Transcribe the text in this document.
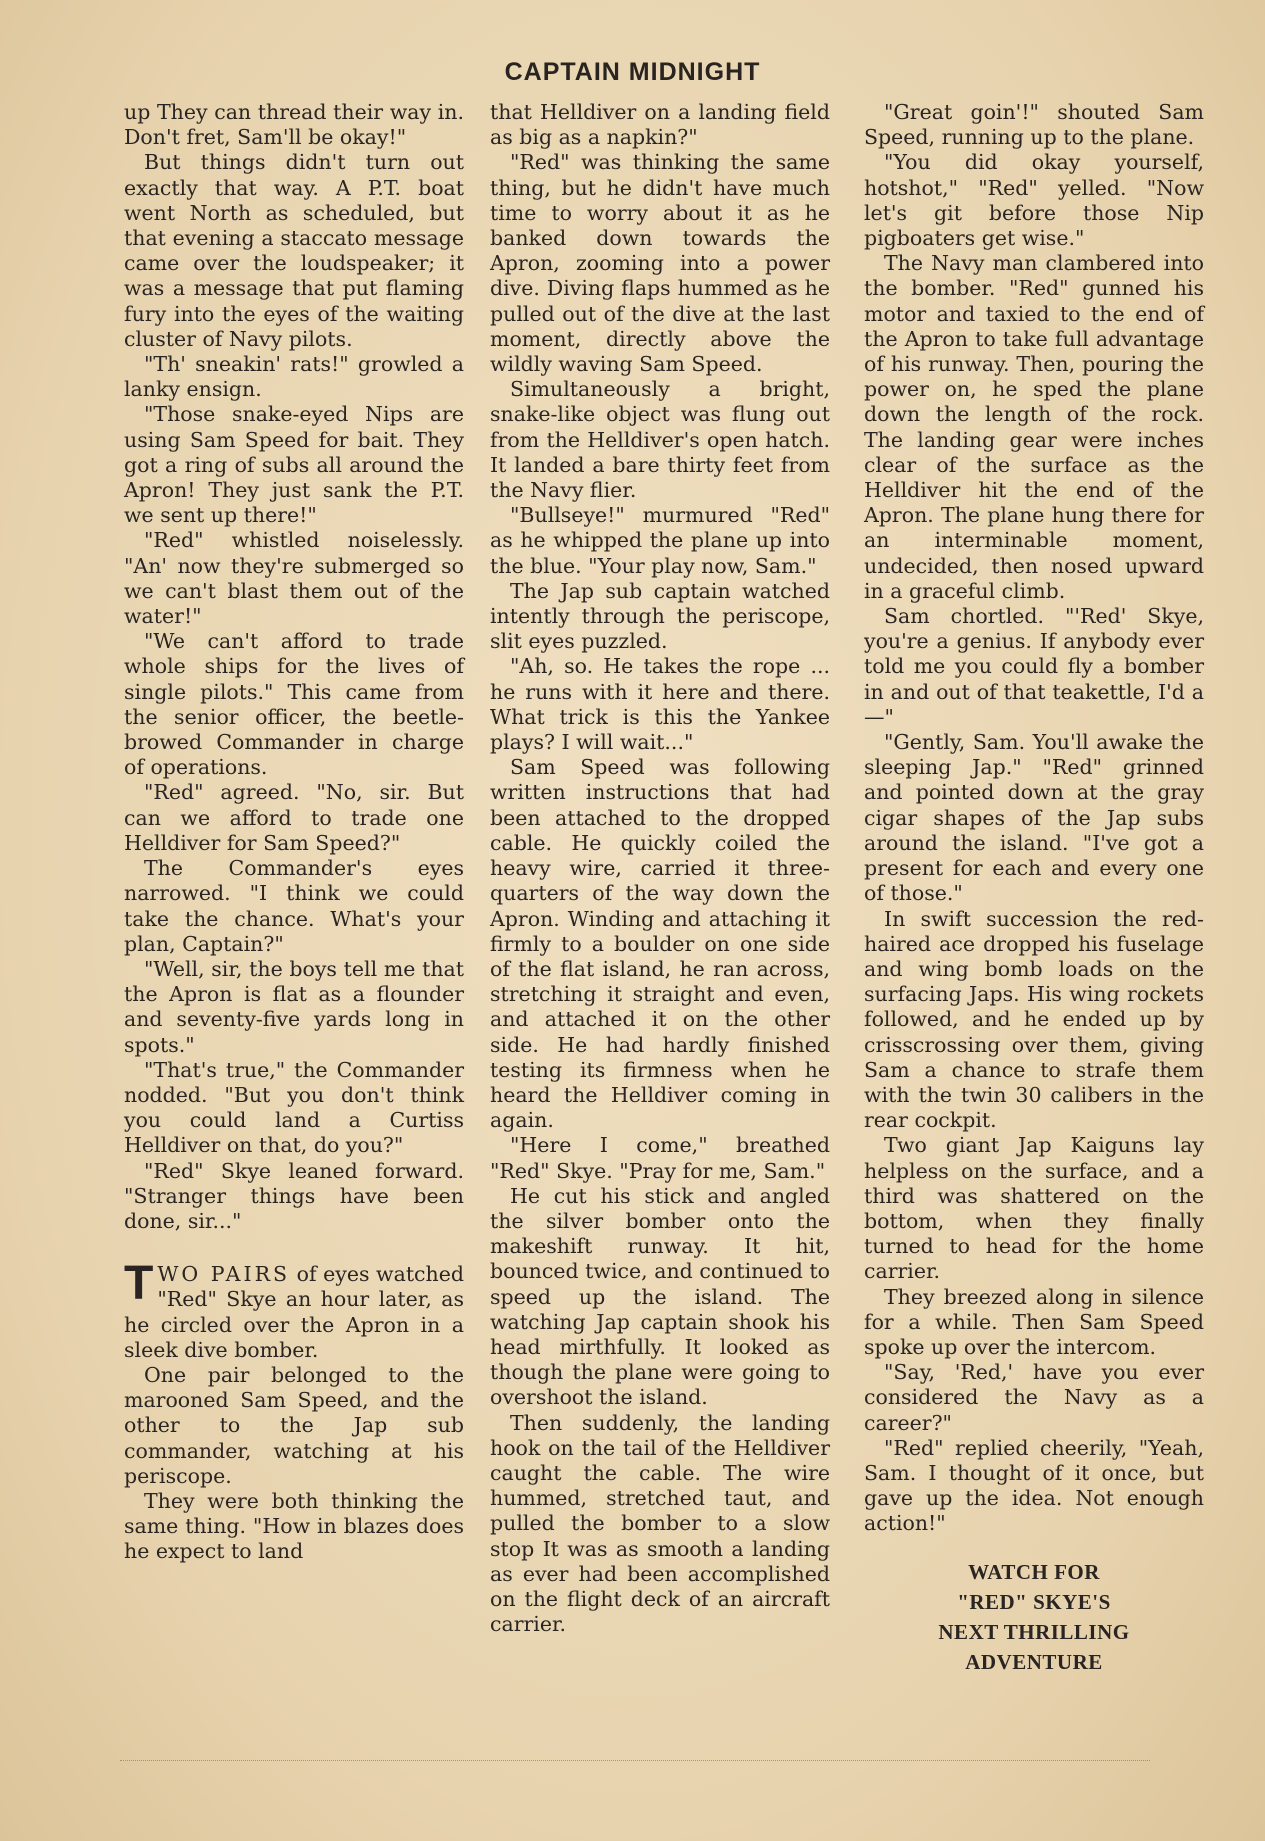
CAPTAIN MIDNIGHT

up They can thread their way in. Don't fret, Sam'll be okay!"

But things didn't turn out exactly that way. A P.T. boat went North as scheduled, but that evening a staccato message came over the loudspeaker; it was a message that put flaming fury into the eyes of the waiting cluster of Navy pilots.

"Th' sneakin' rats!" growled a lanky ensign.

"Those snake-eyed Nips are using Sam Speed for bait. They got a ring of subs all around the Apron! They just sank the P.T. we sent up there!"

"Red" whistled noiselessly. "An' now they're submerged so we can't blast them out of the water!"

"We can't afford to trade whole ships for the lives of single pilots." This came from the senior officer, the beetle-browed Commander in charge of operations.

"Red" agreed. "No, sir. But can we afford to trade one Helldiver for Sam Speed?"

The Commander's eyes narrowed. "I think we could take the chance. What's your plan, Captain?"

"Well, sir, the boys tell me that the Apron is flat as a flounder and seventy-five yards long in spots."

"That's true," the Commander nodded. "But you don't think you could land a Curtiss Helldiver on that, do you?"

"Red" Skye leaned forward. "Stranger things have been done, sir..."

TWO PAIRS of eyes watched "Red" Skye an hour later, as he circled over the Apron in a sleek dive bomber.

One pair belonged to the marooned Sam Speed, and the other to the Jap sub commander, watching at his periscope.

They were both thinking the same thing. "How in blazes does he expect to land

that Helldiver on a landing field as big as a napkin?"

"Red" was thinking the same thing, but he didn't have much time to worry about it as he banked down towards the Apron, zooming into a power dive. Diving flaps hummed as he pulled out of the dive at the last moment, directly above the wildly waving Sam Speed.

Simultaneously a bright, snake-like object was flung out from the Helldiver's open hatch. It landed a bare thirty feet from the Navy flier.

"Bullseye!" murmured "Red" as he whipped the plane up into the blue. "Your play now, Sam."

The Jap sub captain watched intently through the periscope, slit eyes puzzled.

"Ah, so. He takes the rope ... he runs with it here and there. What trick is this the Yankee plays? I will wait..."

Sam Speed was following written instructions that had been attached to the dropped cable. He quickly coiled the heavy wire, carried it three-quarters of the way down the Apron. Winding and attaching it firmly to a boulder on one side of the flat island, he ran across, stretching it straight and even, and attached it on the other side. He had hardly finished testing its firmness when he heard the Helldiver coming in again.

"Here I come," breathed "Red" Skye. "Pray for me, Sam."

He cut his stick and angled the silver bomber onto the makeshift runway. It hit, bounced twice, and continued to speed up the island. The watching Jap captain shook his head mirthfully. It looked as though the plane were going to overshoot the island.

Then suddenly, the landing hook on the tail of the Helldiver caught the cable. The wire hummed, stretched taut, and pulled the bomber to a slow stop It was as smooth a landing as ever had been accomplished on the flight deck of an aircraft carrier.

"Great goin'!" shouted Sam Speed, running up to the plane.

"You did okay yourself, hotshot," "Red" yelled. "Now let's git before those Nip pigboaters get wise."

The Navy man clambered into the bomber. "Red" gunned his motor and taxied to the end of the Apron to take full advantage of his runway. Then, pouring the power on, he sped the plane down the length of the rock. The landing gear were inches clear of the surface as the Helldiver hit the end of the Apron. The plane hung there for an interminable moment, undecided, then nosed upward in a graceful climb.

Sam chortled. "'Red' Skye, you're a genius. If anybody ever told me you could fly a bomber in and out of that teakettle, I'd a—"

"Gently, Sam. You'll awake the sleeping Jap." "Red" grinned and pointed down at the gray cigar shapes of the Jap subs around the island. "I've got a present for each and every one of those."

In swift succession the red-haired ace dropped his fuselage and wing bomb loads on the surfacing Japs. His wing rockets followed, and he ended up by crisscrossing over them, giving Sam a chance to strafe them with the twin 30 calibers in the rear cockpit.

Two giant Jap Kaiguns lay helpless on the surface, and a third was shattered on the bottom, when they finally turned to head for the home carrier.

They breezed along in silence for a while. Then Sam Speed spoke up over the intercom.

"Say, 'Red,' have you ever considered the Navy as a career?"

"Red" replied cheerily, "Yeah, Sam. I thought of it once, but gave up the idea. Not enough action!"

WATCH FOR
"RED" SKYE'S
NEXT THRILLING
ADVENTURE
